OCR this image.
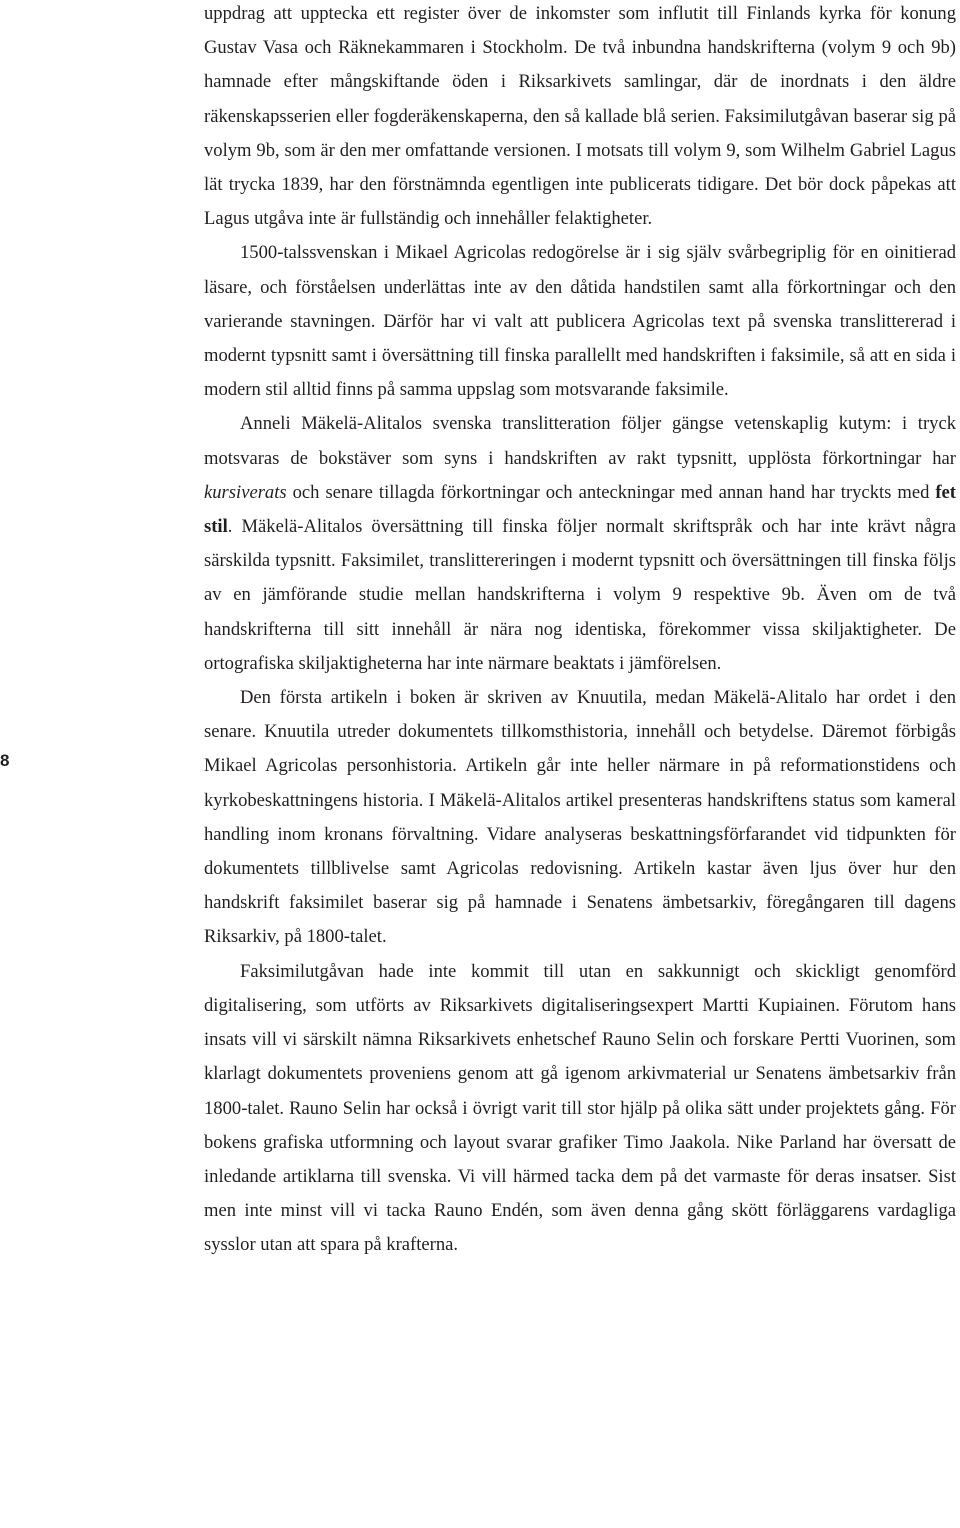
8

uppdrag att upptecka ett register över de inkomster som influtit till Finlands kyrka för konung Gustav Vasa och Räknekammaren i Stockholm. De två inbundna handskrifterna (volym 9 och 9b) hamnade efter mångskiftande öden i Riksarkivets samlingar, där de inordnats i den äldre räkenskapsserien eller fogderäkenskaperna, den så kallade blå serien. Faksimilutgåvan baserar sig på volym 9b, som är den mer omfattande versionen. I motsats till volym 9, som Wilhelm Gabriel Lagus lät trycka 1839, har den förstnämnda egentligen inte publicerats tidigare. Det bör dock påpekas att Lagus utgåva inte är fullständig och innehåller felaktigheter.

1500-talssvenskan i Mikael Agricolas redogörelse är i sig själv svårbegriplig för en oinitierad läsare, och förståelsen underlättas inte av den dåtida handstilen samt alla förkortningar och den varierande stavningen. Därför har vi valt att publicera Agricolas text på svenska translittererad i modernt typsnitt samt i översättning till finska parallellt med handskriften i faksimile, så att en sida i modern stil alltid finns på samma uppslag som motsvarande faksimile.

Anneli Mäkelä-Alitalos svenska translitteration följer gängse vetenskaplig kutym: i tryck motsvaras de bokstäver som syns i handskriften av rakt typsnitt, upplösta förkortningar har kursiverats och senare tillagda förkortningar och anteckningar med annan hand har tryckts med fet stil. Mäkelä-Alitalos översättning till finska följer normalt skriftspråk och har inte krävt några särskilda typsnitt. Faksimilet, translittereringen i modernt typsnitt och översättningen till finska följs av en jämförande studie mellan handskrifterna i volym 9 respektive 9b. Även om de två handskrifterna till sitt innehåll är nära nog identiska, förekommer vissa skiljaktigheter. De ortografiska skiljaktigheterna har inte närmare beaktats i jämförelsen.

Den första artikeln i boken är skriven av Knuutila, medan Mäkelä-Alitalo har ordet i den senare. Knuutila utreder dokumentets tillkomsthistoria, innehåll och betydelse. Däremot förbigås Mikael Agricolas personhistoria. Artikeln går inte heller närmare in på reformationstidens och kyrkobeskattningens historia. I Mäkelä-Alitalos artikel presenteras handskriftens status som kameral handling inom kronans förvaltning. Vidare analyseras beskattningsförfarandet vid tidpunkten för dokumentets tillblivelse samt Agricolas redovisning. Artikeln kastar även ljus över hur den handskrift faksimilet baserar sig på hamnade i Senatens ämbetsarkiv, föregångaren till dagens Riksarkiv, på 1800-talet.

Faksimilutgåvan hade inte kommit till utan en sakkunnigt och skickligt genomförd digitalisering, som utförts av Riksarkivets digitaliseringsexpert Martti Kupiainen. Förutom hans insats vill vi särskilt nämna Riksarkivets enhetschef Rauno Selin och forskare Pertti Vuorinen, som klarlagt dokumentets proveniens genom att gå igenom arkivmaterial ur Senatens ämbetsarkiv från 1800-talet. Rauno Selin har också i övrigt varit till stor hjälp på olika sätt under projektets gång. För bokens grafiska utformning och layout svarar grafiker Timo Jaakola. Nike Parland har översatt de inledande artiklarna till svenska. Vi vill härmed tacka dem på det varmaste för deras insatser. Sist men inte minst vill vi tacka Rauno Endén, som även denna gång skött förläggarens vardagliga sysslor utan att spara på krafterna.
